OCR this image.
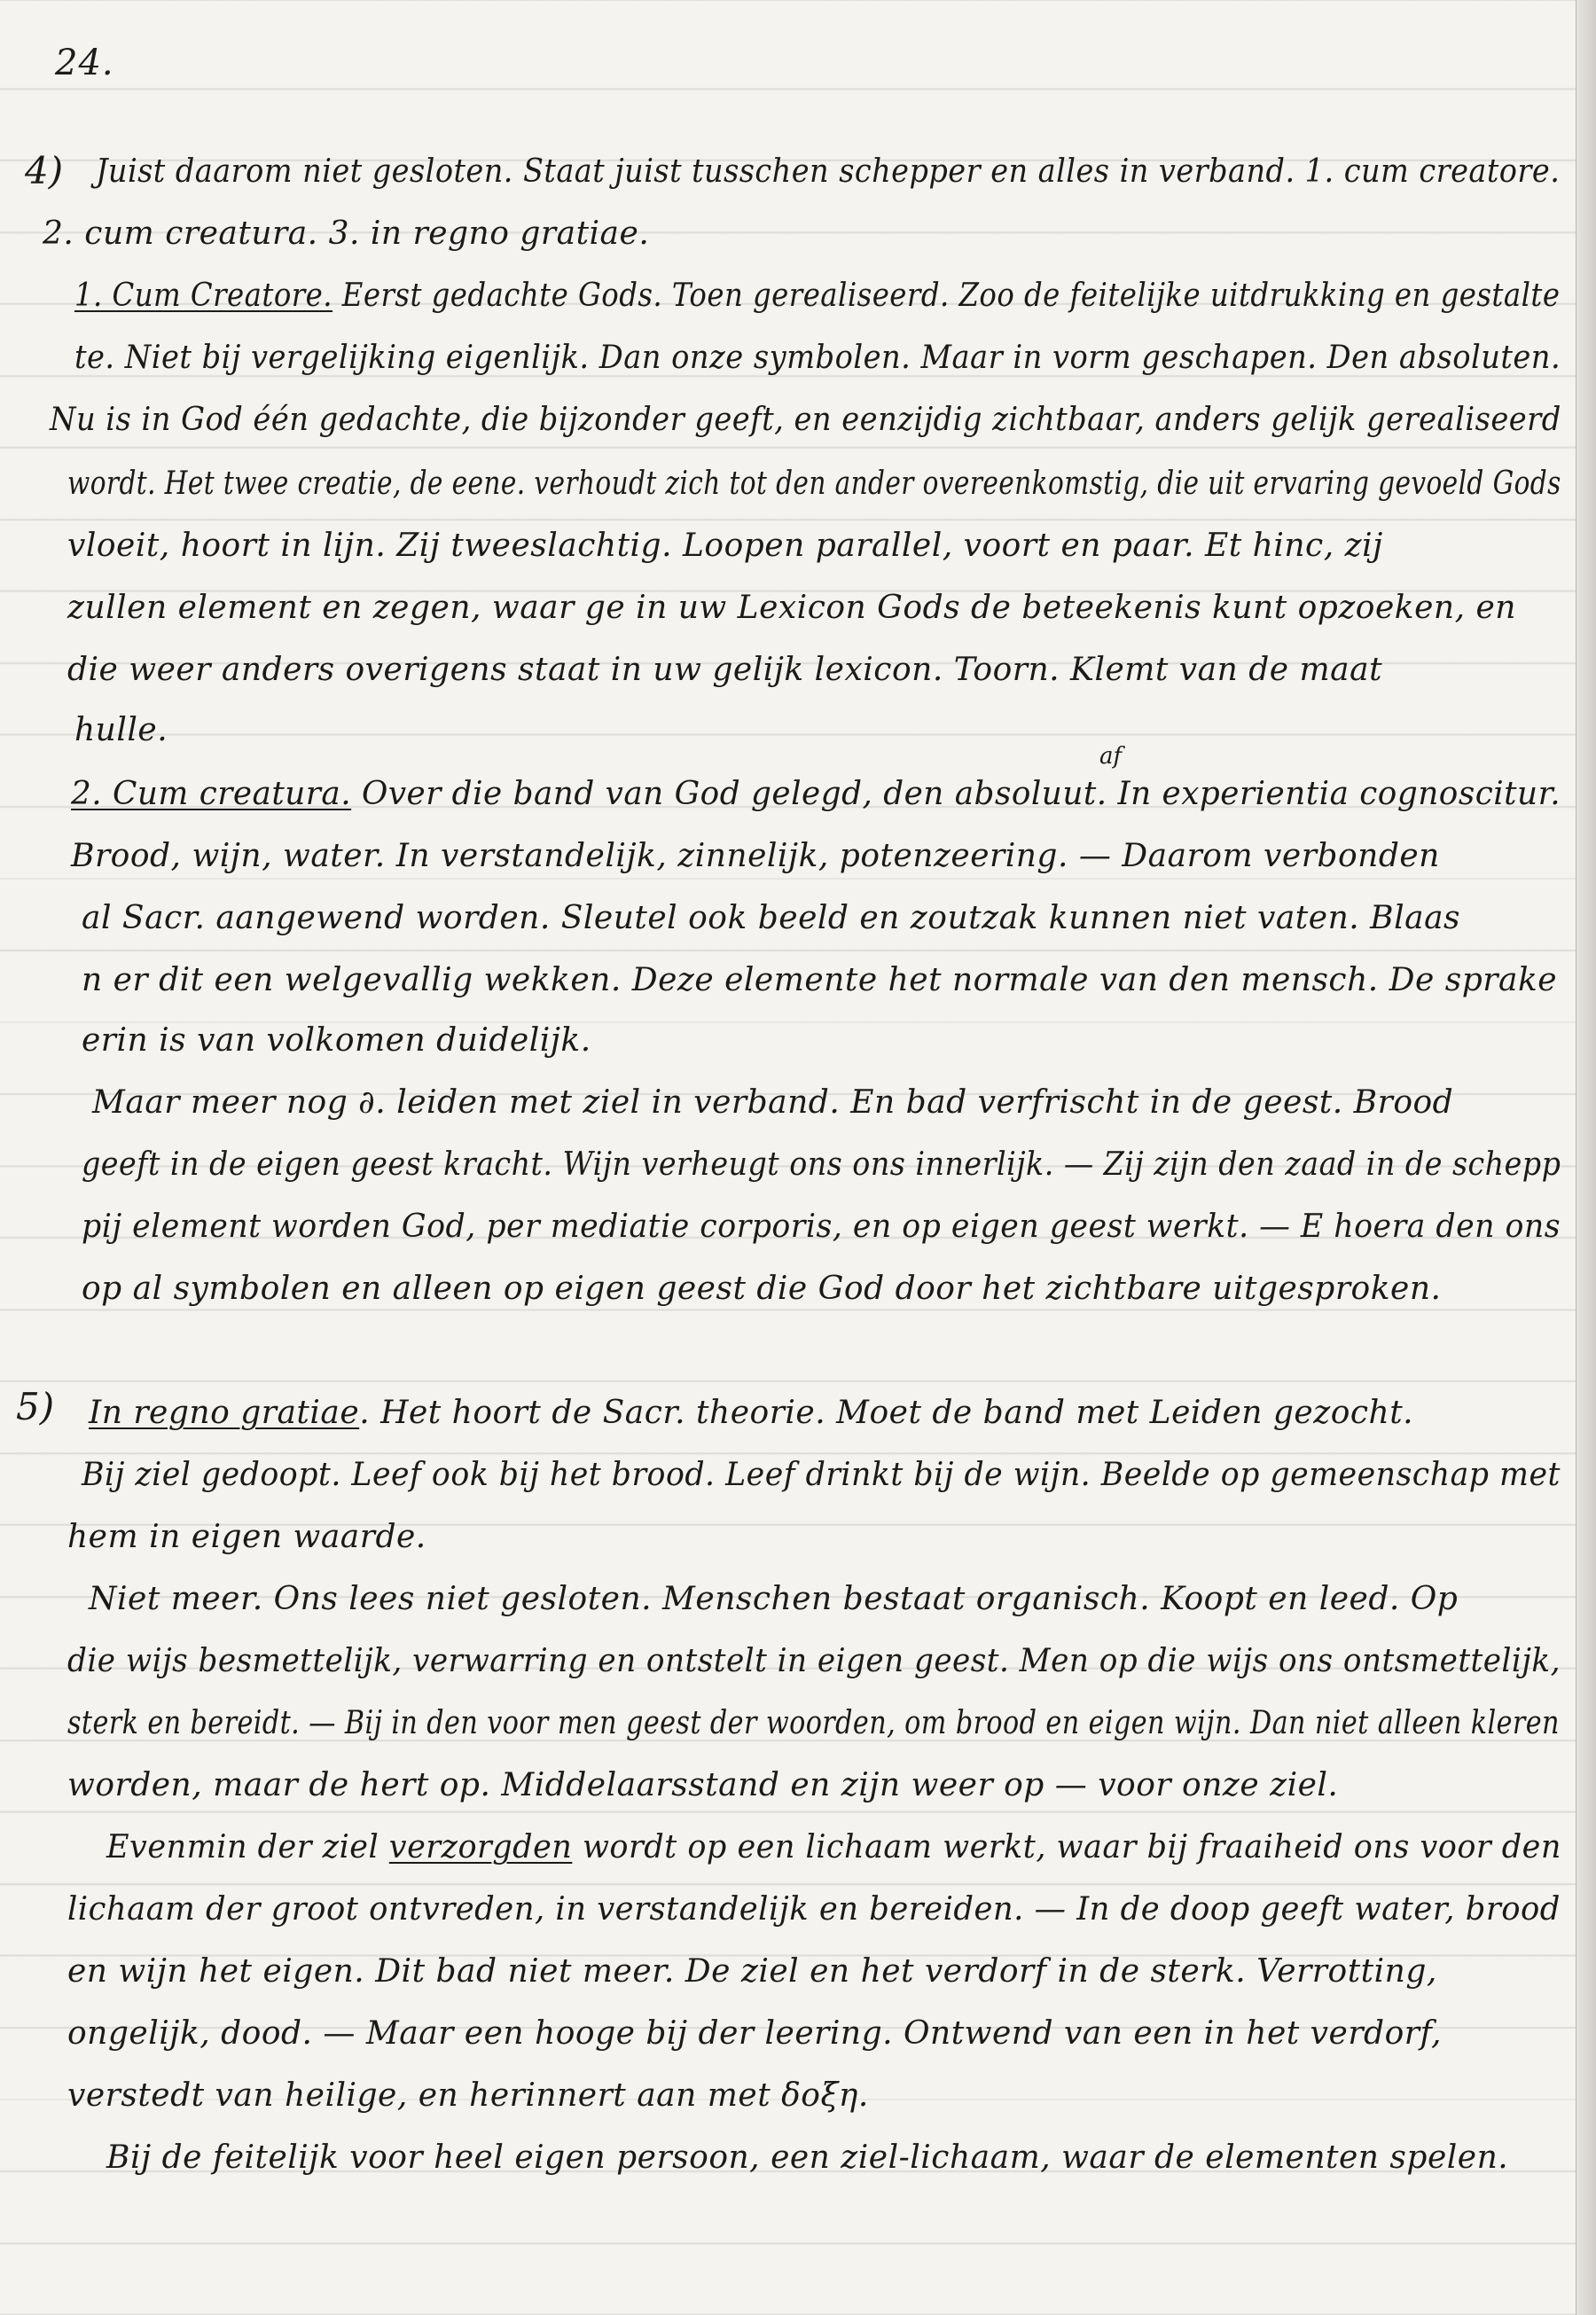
24.
4) Juist daarom niet gesloten. Staat juist tusschen schepper en alles in verband. 1. cum creatore.
2. cum creatura. 3. in regno gratiae.
1. Cum Creatore. Eerst gedachte Gods. Toen gerealiseerd. Zoo de feitelijke uitdrukking en gestalte
te. Niet bij vergelijking eigenlijk. Dan onze symbolen. Maar in vorm geschapen. Den absoluten.
Nu is in God één gedachte, die bijzonder geeft, en eenzijdig zichtbaar, anders gelijk gerealiseerd
wordt. Het twee creatie, de eene. verhoudt zich tot den ander overeenkomstig, die uit ervaring gevoeld Gods
vloeit, hoort in lijn. Zij tweeslachtig. Loopen parallel, voort en paar. Et hinc, zij
zullen element en zegen, waar ge in uw Lexicon Gods de beteekenis kunt opzoeken, en
die weer anders overigens staat in uw gelijk lexicon. Toorn. Klemt van de maat
hulle.
af
2. Cum creatura. Over die band van God gelegd, den absoluut. In experientia cognoscitur.
Brood, wijn, water. In verstandelijk, zinnelijk, potenzeering. — Daarom verbonden
al Sacr. aangewend worden. Sleutel ook beeld en zoutzak kunnen niet vaten. Blaas
n er dit een welgevallig wekken. Deze elemente het normale van den mensch. De sprake
erin is van volkomen duidelijk.
Maar meer nog ∂. leiden met ziel in verband. En bad verfrischt in de geest. Brood
geeft in de eigen geest kracht. Wijn verheugt ons ons innerlijk. — Zij zijn den zaad in de schepp
pij element worden God, per mediatie corporis, en op eigen geest werkt. — Ε hoera den ons
op al symbolen en alleen op eigen geest die God door het zichtbare uitgesproken.
5) In regno gratiae. Het hoort de Sacr. theorie. Moet de band met Leiden gezocht.
Bij ziel gedoopt. Leef ook bij het brood. Leef drinkt bij de wijn. Beelde op gemeenschap met
hem in eigen waarde.
Niet meer. Ons lees niet gesloten. Menschen bestaat organisch. Koopt en leed. Op
die wijs besmettelijk, verwarring en ontstelt in eigen geest. Men op die wijs ons ontsmettelijk,
sterk en bereidt. — Bij in den voor men geest der woorden, om brood en eigen wijn. Dan niet alleen kleren
worden, maar de hert op. Middelaarsstand en zijn weer op — voor onze ziel.
Evenmin der ziel verzorgden wordt op een lichaam werkt, waar bij fraaiheid ons voor den
lichaam der groot ontvreden, in verstandelijk en bereiden. — In de doop geeft water, brood
en wijn het eigen. Dit bad niet meer. De ziel en het verdorf in de sterk. Verrotting,
ongelijk, dood. — Maar een hooge bij der leering. Ontwend van een in het verdorf,
verstedt van heilige, en herinnert aan met δοξη.
Bij de feitelijk voor heel eigen persoon, een ziel-lichaam, waar de elementen spelen.
